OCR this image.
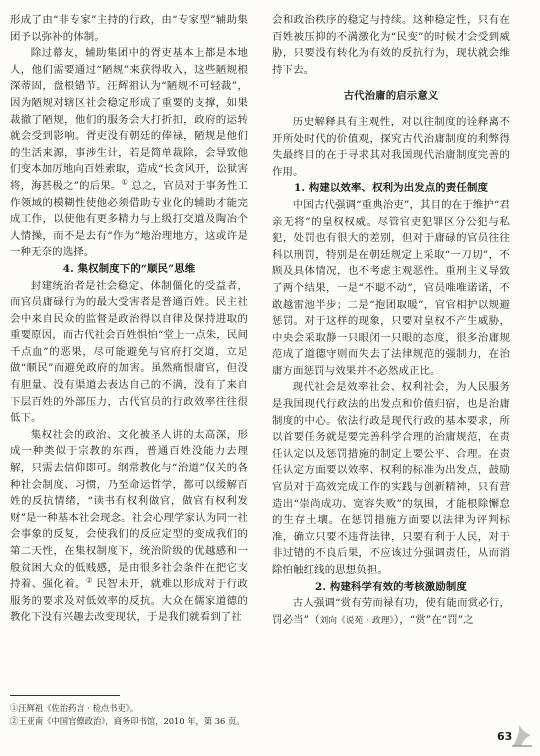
形成了由“非专家”主持的行政，由“专家型”辅助集团予以弥补的体制。

除过幕友，辅助集团中的胥吏基本上都是本地人，他们需要通过“陋规”来获得收入，这些陋规根深蒂固，盘根错节。汪辉祖认为“陋规不可轻裁”，因为陋规对辖区社会稳定形成了重要的支撑，如果裁撤了陋规，他们的服务会大打折扣，政府的运转就会受到影响。胥吏没有朝廷的俸禄，陋规是他们的生活来源，事涉生计，若是简单裁除，会导致他们变本加厉地向百姓索取，造成“长贪风开，讼狱害将，海甚极之”的后果。① 总之，官员对于事务性工作领域的模糊性使他必须借助专业化的辅助才能完成工作，以使他有更多精力与上级打交道及陶冶个人情操，而不是去有“作为”地治理地方，这或许是一种无奈的选择。

4. 集权制度下的“顺民”思维

封建统治者是社会稳定、体制僵化的受益者，而官员庸碌行为的最大受害者是普通百姓。民主社会中来自民众的监督是政治得以自律及保持进取的重要原因，而古代社会百姓惧怕“堂上一点朱，民间千点血”的恶果，尽可能避免与官府打交道，立足做“顺民”而避免政府的加害。虽然痛恨庸官，但没有胆量、没有渠道去表达自己的不满，没有了来自下层百姓的外部压力，古代官员的行政效率往往很低下。

集权社会的政治、文化被圣人讲的太高深，形成一种类似于宗教的东西，普通百姓没能力去理解，只需去信仰即可。纲常教化与“治道”仅关的各种社会制度、习惯，乃至命运哲学，都可以缓解百姓的反抗情绪，“读书有权利做官，做官有权利发财”是一种基本社会现念。社会心理学家认为同一社会事象的反复，会使我们的反应定型的变成我们的第二天性，在集权制度下，统治阶级的优越感和一般贫困大众的低贱感，是由很多社会条件在把它支持着、强化着。② 民智未开，就难以形成对于行政服务的要求及对低效率的反抗。大众在儒家道德的教化下没有兴趣去改变现状，于是我们就看到了社

会和政治秩序的稳定与持续。这种稳定性，只有在百姓被压抑的不满激化为“民变”的时候才会受到威胁，只要没有转化为有效的反抗行为，现状就会维持下去。

古代治庸的启示意义

历史解释具有主观性，对以往制度的诠释离不开所处时代的价值观，探究古代治庸制度的利弊得失最终目的在于寻求其对我国现代治庸制度完善的作用。

1. 构建以效率、权利为出发点的责任制度

中国古代强调“重典治吏”，其目的在于维护“君亲无将”的皇权权威。尽管官吏犯罪区分公犯与私犯，处罚也有很大的差别，但对于庸碌的官员往往科以刑罚，特别是在朝廷规定上采取“一刀切”，不顾及具体情况，也不考虑主观恶性。重刑主义导致了两个结果，一是“不聪不动”，官员唯唯诺诺，不敢越雷池半步；二是“抱团取暖”，官官相护以规避惩罚。对于这样的现象，只要对皇权不产生威胁，中央会采取静一只眼闭一只眼的态度，很多治庸规范成了道德守则而失去了法律规范的强制力，在治庸方面惩罚与效果并不必然成正比。

现代社会是效率社会、权利社会，为人民服务是我国现代行政法的出发点和价值归宿，也是治庸制度的中心。依法行政是现代行政的基本要求，所以首要任务就是要完善科学合理的治庸规范，在责任认定以及惩罚措施的制定上要公平、合理。在责任认定方面要以效率、权利的标准为出发点，鼓励官员对于高效完成工作的实践与创新精神，只有营造出“崇尚成功、宽容失败”的氛围，才能根除懈怠的生存土壤。在惩罚措施方面要以法律为评判标准，确立只要不违背法律，只要有利于人民，对于非过错的不良后果，不应该过分强调责任，从而消除怕触红线的思想负担。

2. 构建科学有效的考核激励制度

古人强调“赏有劳而禄有功，使有能而赏必行，罚必当”（刘向《说苑 · 政理》），“赏”在“罚”之

①汪辉祖《佐治药言 · 检点书吏》。

②王亚南《中国官僚政治》，商务印书馆，2010 年，第 36 页。

63
